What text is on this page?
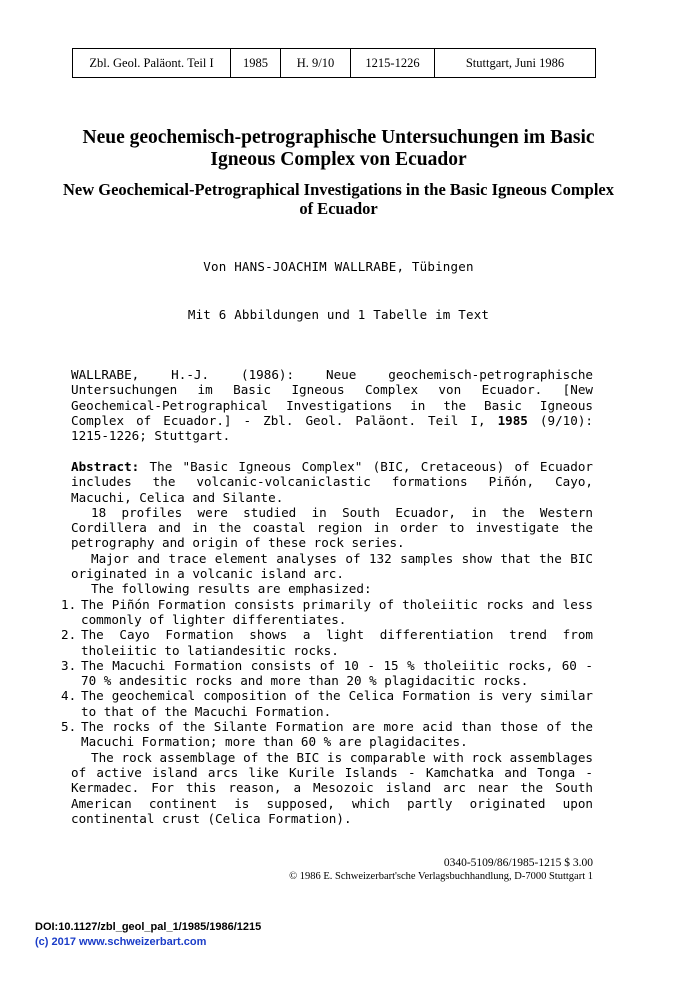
Zbl. Geol. Paläont. Teil I	1985	H. 9/10	1215-1226	Stuttgart, Juni 1986
Neue geochemisch-petrographische Untersuchungen im Basic Igneous Complex von Ecuador
New Geochemical-Petrographical Investigations in the Basic Igneous Complex of Ecuador
Von HANS-JOACHIM WALLRABE, Tübingen
Mit 6 Abbildungen und 1 Tabelle im Text
WALLRABE, H.-J. (1986): Neue geochemisch-petrographische Untersuchungen im Basic Igneous Complex von Ecuador. [New Geochemical-Petrographical Investigations in the Basic Igneous Complex of Ecuador.] - Zbl. Geol. Paläont. Teil I, 1985 (9/10): 1215-1226; Stuttgart.

Abstract: The "Basic Igneous Complex" (BIC, Cretaceous) of Ecuador includes the volcanic-volcaniclastic formations Piñón, Cayo, Macuchi, Celica and Silante.

18 profiles were studied in South Ecuador, in the Western Cordillera and in the coastal region in order to investigate the petrography and origin of these rock series.

Major and trace element analyses of 132 samples show that the BIC originated in a volcanic island arc.

The following results are emphasized:

1. The Piñón Formation consists primarily of tholeiitic rocks and less commonly of lighter differentiates.
2. The Cayo Formation shows a light differentiation trend from tholeiitic to latiandesitic rocks.
3. The Macuchi Formation consists of 10 - 15 % tholeiitic rocks, 60 - 70 % andesitic rocks and more than 20 % plagidacitic rocks.
4. The geochemical composition of the Celica Formation is very similar to that of the Macuchi Formation.
5. The rocks of the Silante Formation are more acid than those of the Macuchi Formation; more than 60 % are plagidacites.

The rock assemblage of the BIC is comparable with rock assemblages of active island arcs like Kurile Islands - Kamchatka and Tonga - Kermadec. For this reason, a Mesozoic island arc near the South American continent is supposed, which partly originated upon continental crust (Celica Formation).

0340-5109/86/1985-1215 $ 3.00
© 1986 E. Schweizerbart'sche Verlagsbuchhandlung, D-7000 Stuttgart 1
DOI:10.1127/zbl_geol_pal_1/1985/1986/1215
(c) 2017 www.schweizerbart.com
